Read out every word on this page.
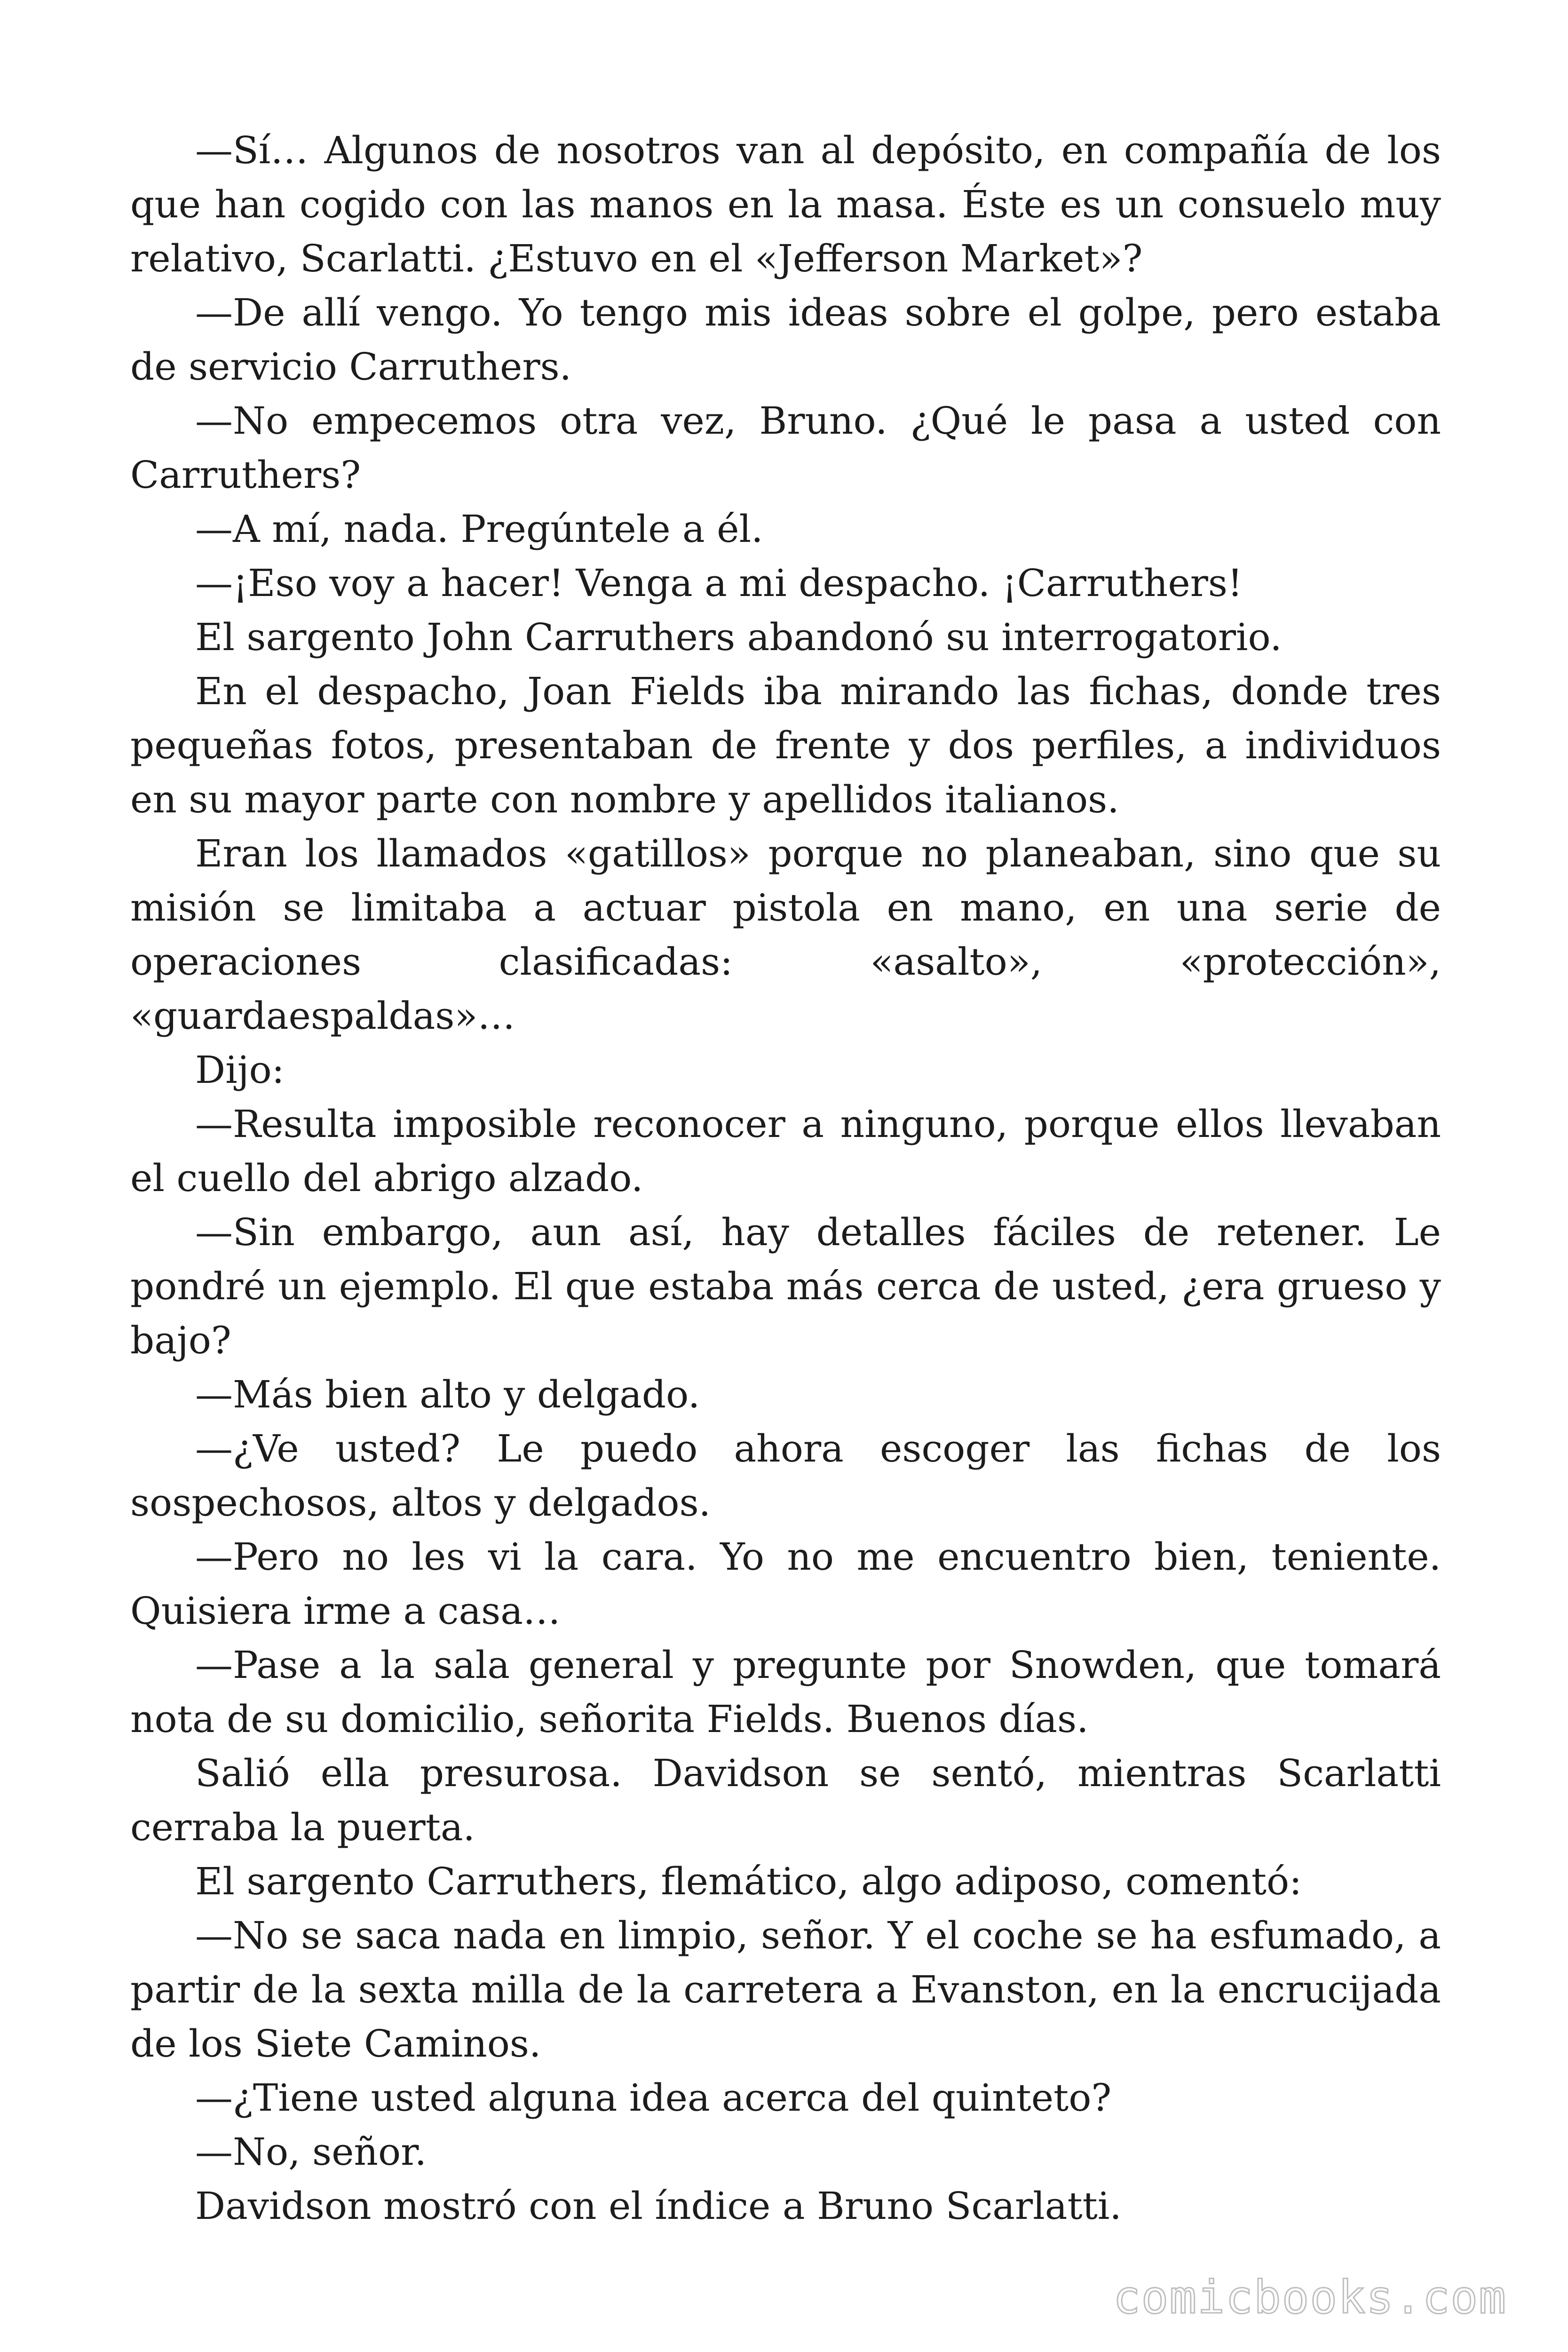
—Sí… Algunos de nosotros van al depósito, en compañía de los que han cogido con las manos en la masa. Éste es un consuelo muy relativo, Scarlatti. ¿Estuvo en el «Jefferson Market»?

—De allí vengo. Yo tengo mis ideas sobre el golpe, pero estaba de servicio Carruthers.

—No empecemos otra vez, Bruno. ¿Qué le pasa a usted con Carruthers?

—A mí, nada. Pregúntele a él.

—¡Eso voy a hacer! Venga a mi despacho. ¡Carruthers!

El sargento John Carruthers abandonó su interrogatorio.

En el despacho, Joan Fields iba mirando las fichas, donde tres pequeñas fotos, presentaban de frente y dos perfiles, a individuos en su mayor parte con nombre y apellidos italianos.

Eran los llamados «gatillos» porque no planeaban, sino que su misión se limitaba a actuar pistola en mano, en una serie de operaciones clasificadas: «asalto», «protección», «guardaespaldas»…

Dijo:

—Resulta imposible reconocer a ninguno, porque ellos llevaban el cuello del abrigo alzado.

—Sin embargo, aun así, hay detalles fáciles de retener. Le pondré un ejemplo. El que estaba más cerca de usted, ¿era grueso y bajo?

—Más bien alto y delgado.

—¿Ve usted? Le puedo ahora escoger las fichas de los sospechosos, altos y delgados.

—Pero no les vi la cara. Yo no me encuentro bien, teniente. Quisiera irme a casa…

—Pase a la sala general y pregunte por Snowden, que tomará nota de su domicilio, señorita Fields. Buenos días.

Salió ella presurosa. Davidson se sentó, mientras Scarlatti cerraba la puerta.

El sargento Carruthers, flemático, algo adiposo, comentó:

—No se saca nada en limpio, señor. Y el coche se ha esfumado, a partir de la sexta milla de la carretera a Evanston, en la encrucijada de los Siete Caminos.

—¿Tiene usted alguna idea acerca del quinteto?

—No, señor.

Davidson mostró con el índice a Bruno Scarlatti.

comicbooks.com
